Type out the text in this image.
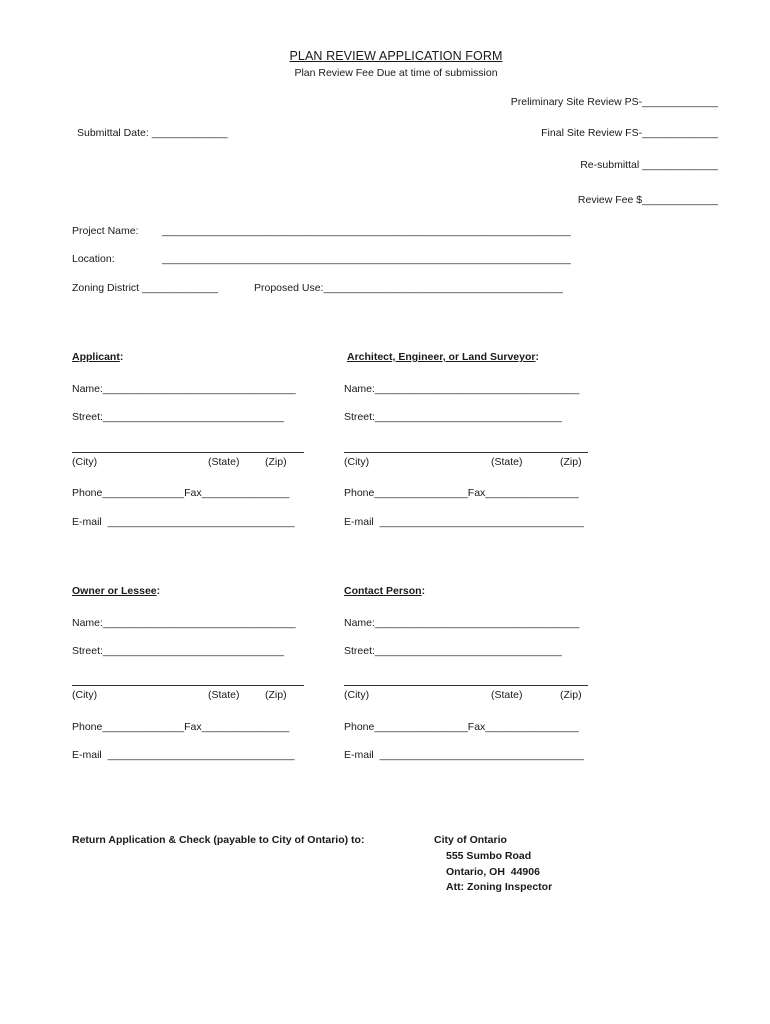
PLAN REVIEW APPLICATION FORM
Plan Review Fee Due at time of submission
Preliminary Site Review PS-_____________
Submittal Date: _____________	Final Site Review FS-_____________
Re-submittal _____________
Review Fee $_____________
Project Name: ______________________________________________________________________
Location:	______________________________________________________________________
Zoning District _____________	Proposed Use:_________________________________________
Applicant:
Name:_________________________________
Street:_______________________________
(City)	(State) (Zip)
Phone______________Fax_______________
E-mail  ________________________________
Architect, Engineer, or Land Surveyor:
Name:___________________________________
Street:________________________________
(City)	(State)	(Zip)
Phone________________Fax________________
E-mail  ___________________________________
Owner or Lessee:
Name:_________________________________
Street:_______________________________
(City)	(State) (Zip)
Phone______________Fax_______________
E-mail  ________________________________
Contact Person:
Name:___________________________________
Street:________________________________
(City)	(State)	(Zip)
Phone________________Fax________________
E-mail  ___________________________________
Return Application & Check (payable to City of Ontario) to:	City of Ontario
555 Sumbo Road
Ontario, OH  44906
Att: Zoning Inspector
